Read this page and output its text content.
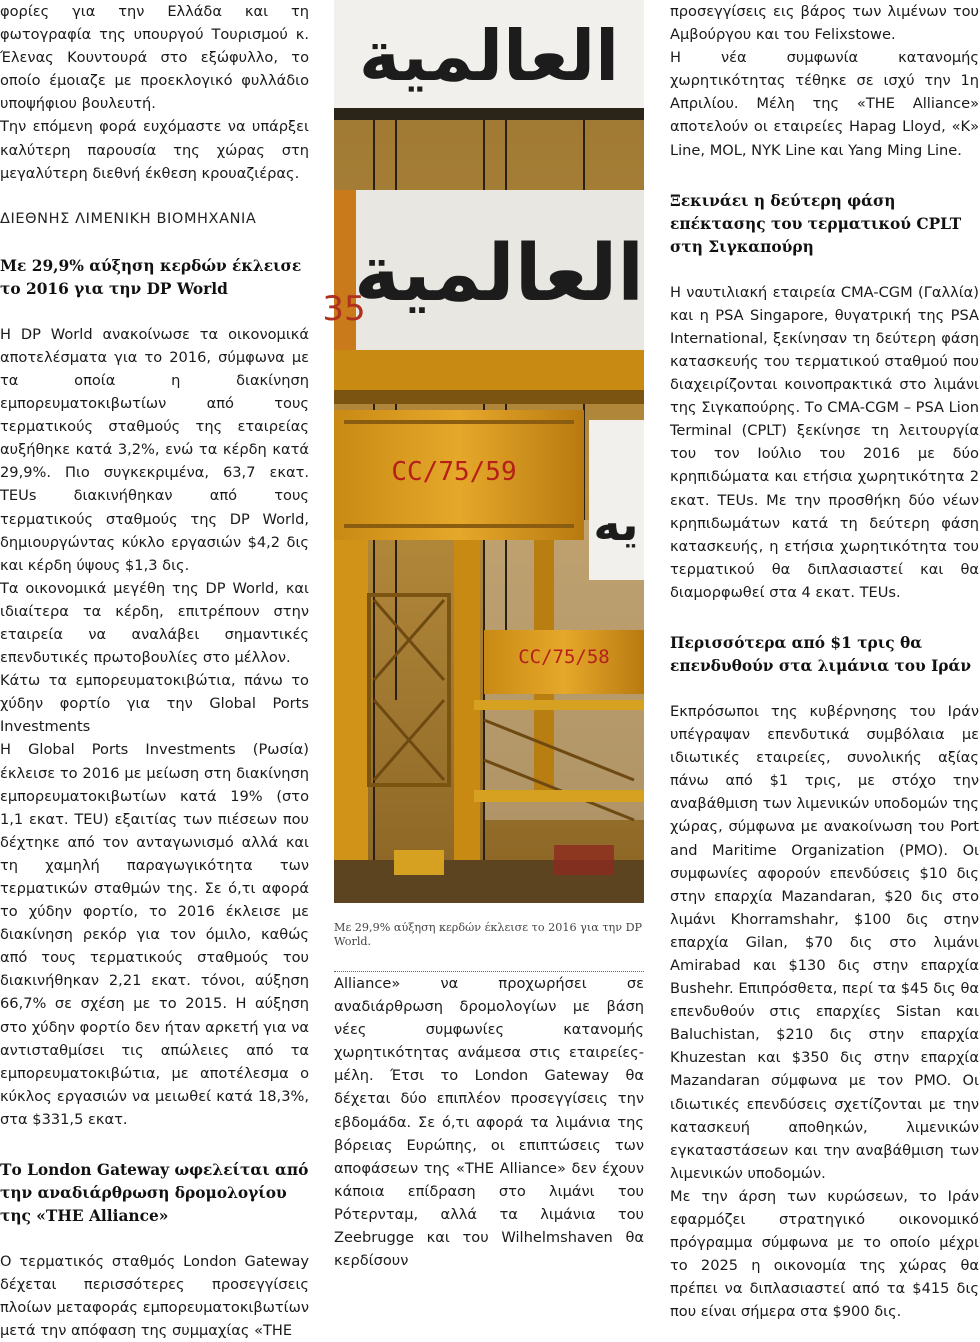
φορίες για την Ελλάδα και τη φωτογραφία της υπουργού Τουρισμού κ. Έλενας Κουντουρά στο εξώφυλλο, το οποίο έμοιαζε με προεκλογικό φυλλάδιο υποψήφιου βουλευτή.

Την επόμενη φορά ευχόμαστε να υπάρξει καλύτερη παρουσία της χώρας στη μεγαλύτερη διεθνή έκθεση κρουαζιέρας.

ΔΙΕΘΝΗΣ ΛΙΜΕΝΙΚΗ ΒΙΟΜΗΧΑΝΙΑ
Με 29,9% αύξηση κερδών έκλεισε το 2016 για την DP World

Η DP World ανακοίνωσε τα οικονομικά αποτελέσματα για το 2016, σύμφωνα με τα οποία η διακίνηση εμπορευματοκιβωτίων από τους τερματικούς σταθμούς της εταιρείας αυξήθηκε κατά 3,2%, ενώ τα κέρδη κατά 29,9%. Πιο συγκεκριμένα, 63,7 εκατ. TEUs διακινήθηκαν από τους τερματικούς σταθμούς της DP World, δημιουργώντας κύκλο εργασιών $4,2 δις και κέρδη ύψους $1,3 δις.

Τα οικονομικά μεγέθη της DP World, και ιδιαίτερα τα κέρδη, επιτρέπουν στην εταιρεία να αναλάβει σημαντικές επενδυτικές πρωτοβουλίες στο μέλλον.

Κάτω τα εμπορευματοκιβώτια, πάνω το χύδην φορτίο για την Global Ports Investments

Η Global Ports Investments (Ρωσία) έκλεισε το 2016 με μείωση στη διακίνηση εμπορευματοκιβωτίων κατά 19% (στο 1,1 εκατ. TEU) εξαιτίας των πιέσεων που δέχτηκε από τον ανταγωνισμό αλλά και τη χαμηλή παραγωγικότητα των τερματικών σταθμών της. Σε ό,τι αφορά το χύδην φορτίο, το 2016 έκλεισε με διακίνηση ρεκόρ για τον όμιλο, καθώς από τους τερματικούς σταθμούς του διακινήθηκαν 2,21 εκατ. τόνοι, αύξηση 66,7% σε σχέση με το 2015. Η αύξηση στο χύδην φορτίο δεν ήταν αρκετή για να αντισταθμίσει τις απώλειες από τα εμπορευματοκιβώτια, με αποτέλεσμα ο κύκλος εργασιών να μειωθεί κατά 18,3%, στα $331,5 εκατ.

Το London Gateway ωφελείται από την αναδιάρθρωση δρομολογίου της «THE Alliance»

Ο τερματικός σταθμός London Gateway δέχεται περισσότερες προσεγγίσεις πλοίων μεταφοράς εμπορευματοκιβωτίων μετά την απόφαση της συμμαχίας «THE

العالمية
35
العالمية
يه
CC/75/59
CC/75/58
Με 29,9% αύξηση κερδών έκλεισε το 2016 για την DP World.

Alliance» να προχωρήσει σε αναδιάρθρωση δρομολογίων με βάση νέες συμφωνίες κατανομής χωρητικότητας ανάμεσα στις εταιρείες-μέλη. Έτσι το London Gateway θα δέχεται δύο επιπλέον προσεγγίσεις την εβδομάδα. Σε ό,τι αφορά τα λιμάνια της βόρειας Ευρώπης, οι επιπτώσεις των αποφάσεων της «THE Alliance» δεν έχουν κάποια επίδραση στο λιμάνι του Ρότερνταμ, αλλά τα λιμάνια του Zeebrugge και του Wilhelmshaven θα κερδίσουν

προσεγγίσεις εις βάρος των λιμένων του Αμβούργου και του Felixstowe.

Η νέα συμφωνία κατανομής χωρητικότητας τέθηκε σε ισχύ την 1η Απριλίου. Μέλη της «THE Alliance» αποτελούν οι εταιρείες Hapag Lloyd, «K» Line, MOL, NYK Line και Yang Ming Line.

Ξεκινάει η δεύτερη φάση επέκτασης του τερματικού CPLT στη Σιγκαπούρη

Η ναυτιλιακή εταιρεία CMA-CGM (Γαλλία) και η PSA Singapore, θυγατρική της PSA International, ξεκίνησαν τη δεύτερη φάση κατασκευής του τερματικού σταθμού που διαχειρίζονται κοινοπρακτικά στο λιμάνι της Σιγκαπούρης. Το CMA-CGM – PSA Lion Terminal (CPLT) ξεκίνησε τη λειτουργία του τον Ιούλιο του 2016 με δύο κρηπιδώματα και ετήσια χωρητικότητα 2 εκατ. TEUs. Με την προσθήκη δύο νέων κρηπιδωμάτων κατά τη δεύτερη φάση κατασκευής, η ετήσια χωρητικότητα του τερματικού θα διπλασιαστεί και θα διαμορφωθεί στα 4 εκατ. TEUs.

Περισσότερα από $1 τρις θα επενδυθούν στα λιμάνια του Ιράν

Εκπρόσωποι της κυβέρνησης του Ιράν υπέγραψαν επενδυτικά συμβόλαια με ιδιωτικές εταιρείες, συνολικής αξίας πάνω από $1 τρις, με στόχο την αναβάθμιση των λιμενικών υποδομών της χώρας, σύμφωνα με ανακοίνωση του Port and Maritime Organization (PMO). Οι συμφωνίες αφορούν επενδύσεις $10 δις στην επαρχία Mazandaran, $20 δις στο λιμάνι Khorramshahr, $100 δις στην επαρχία Gilan, $70 δις στο λιμάνι Amirabad και $130 δις στην επαρχία Bushehr. Επιπρόσθετα, περί τα $45 δις θα επενδυθούν στις επαρχίες Sistan και Baluchistan, $210 δις στην επαρχία Khuzestan και $350 δις στην επαρχία Mazandaran σύμφωνα με τον PMO. Οι ιδιωτικές επενδύσεις σχετίζονται με την κατασκευή αποθηκών, λιμενικών εγκαταστάσεων και την αναβάθμιση των λιμενικών υποδομών.

Με την άρση των κυρώσεων, το Ιράν εφαρμόζει στρατηγικό οικονομικό πρόγραμμα σύμφωνα με το οποίο μέχρι το 2025 η οικονομία της χώρας θα πρέπει να διπλασιαστεί από τα $415 δις που είναι σήμερα στα $900 δις.
